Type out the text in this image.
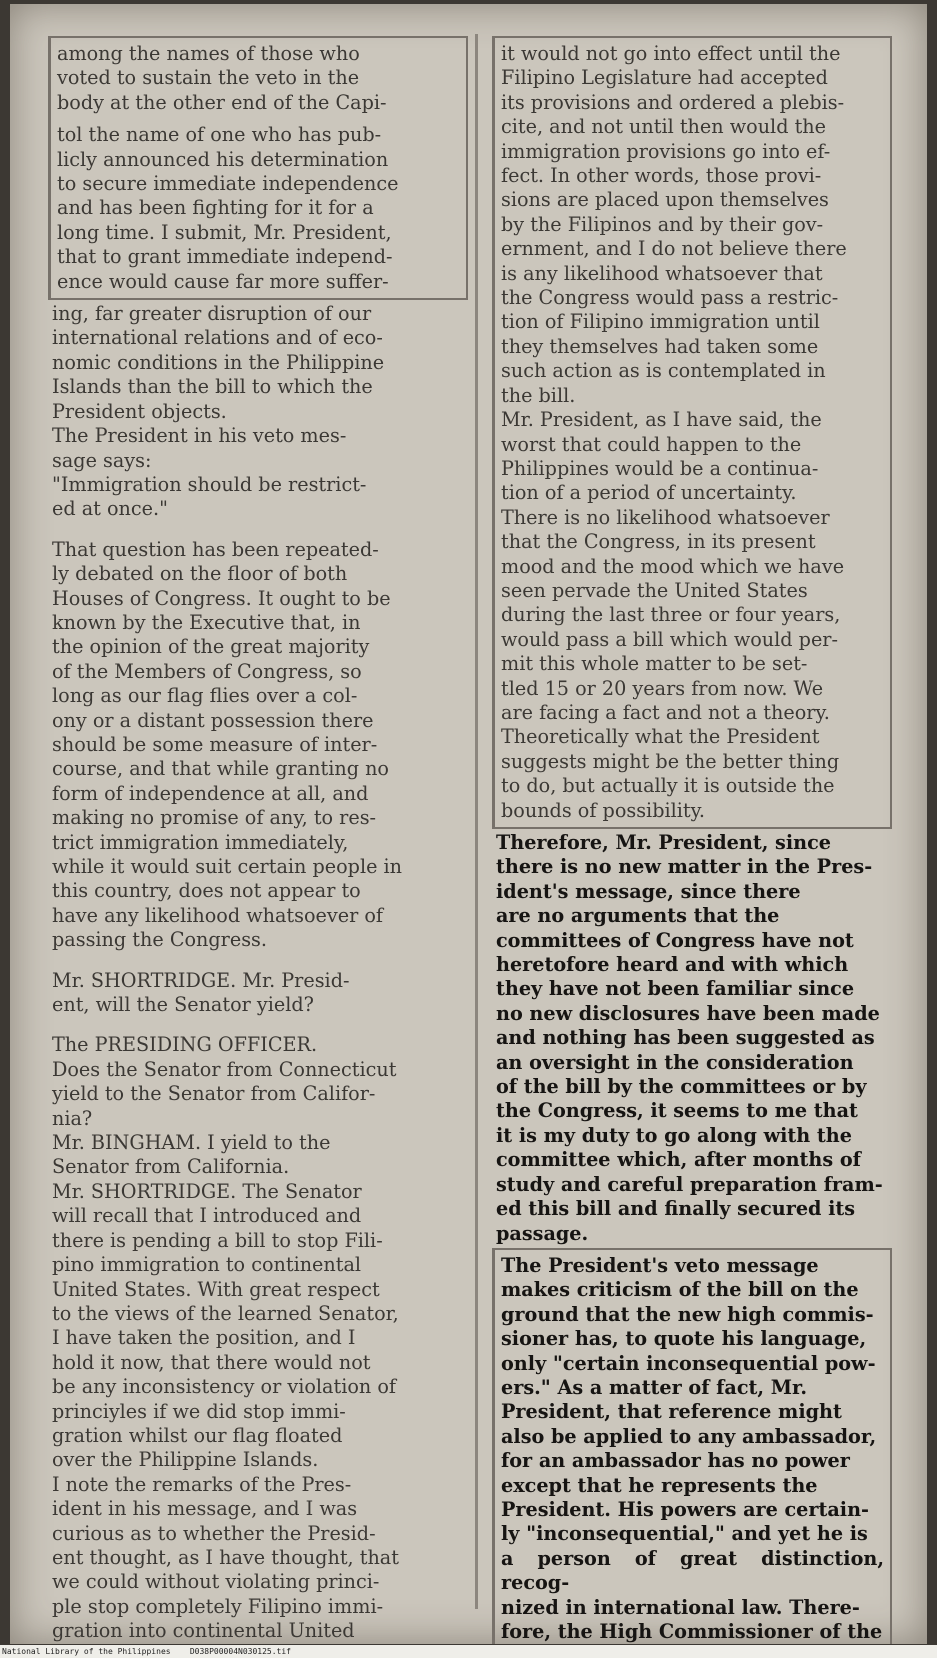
among the names of those who
voted to sustain the veto in the
body at the other end of the Capi-

tol the name of one who has pub-
licly announced his determination
to secure immediate independence
and has been fighting for it for a
long time. I submit, Mr. President,
that to grant immediate independ-
ence would cause far more suffer-

ing, far greater disruption of our
international relations and of eco-
nomic conditions in the Philippine
Islands than the bill to which the
President objects.
The President in his veto mes-
sage says:
"Immigration should be restrict-
ed at once."

That question has been repeated-
ly debated on the floor of both
Houses of Congress. It ought to be
known by the Executive that, in
the opinion of the great majority
of the Members of Congress, so
long as our flag flies over a col-
ony or a distant possession there
should be some measure of inter-
course, and that while granting no
form of independence at all, and
making no promise of any, to res-
trict immigration immediately,
while it would suit certain people in
this country, does not appear to
have any likelihood whatsoever of
passing the Congress.

Mr. SHORTRIDGE. Mr. Presid-
ent, will the Senator yield?

The PRESIDING OFFICER.
Does the Senator from Connecticut
yield to the Senator from Califor-
nia?
Mr. BINGHAM. I yield to the
Senator from California.
Mr. SHORTRIDGE. The Senator
will recall that I introduced and
there is pending a bill to stop Fili-
pino immigration to continental
United States. With great respect
to the views of the learned Senator,
I have taken the position, and I
hold it now, that there would not
be any inconsistency or violation of
princiyles if we did stop immi-
gration whilst our flag floated
over the Philippine Islands.
I note the remarks of the Pres-
ident in his message, and I was
curious as to whether the Presid-
ent thought, as I have thought, that
we could without violating princi-
ple stop completely Filipino immi-
gration into continental United

it would not go into effect until the
Filipino Legislature had accepted
its provisions and ordered a plebis-
cite, and not until then would the
immigration provisions go into ef-
fect. In other words, those provi-
sions are placed upon themselves
by the Filipinos and by their gov-
ernment, and I do not believe there
is any likelihood whatsoever that
the Congress would pass a restric-
tion of Filipino immigration until
they themselves had taken some
such action as is contemplated in
the bill.
Mr. President, as I have said, the
worst that could happen to the
Philippines would be a continua-
tion of a period of uncertainty.
There is no likelihood whatsoever
that the Congress, in its present
mood and the mood which we have
seen pervade the United States
during the last three or four years,
would pass a bill which would per-
mit this whole matter to be set-
tled 15 or 20 years from now. We
are facing a fact and not a theory.
Theoretically what the President
suggests might be the better thing
to do, but actually it is outside the
bounds of possibility.

Therefore, Mr. President, since
there is no new matter in the Pres-
ident's message, since there
are no arguments that the
committees of Congress have not
heretofore heard and with which
they have not been familiar since
no new disclosures have been made
and nothing has been suggested as
an oversight in the consideration
of the bill by the committees or by
the Congress, it seems to me that
it is my duty to go along with the
committee which, after months of
study and careful preparation fram-
ed this bill and finally secured its
passage.

The President's veto message
makes criticism of the bill on the
ground that the new high commis-
sioner has, to quote his language,
only "certain inconsequential pow-
ers." As a matter of fact, Mr.
President, that reference might
also be applied to any ambassador,
for an ambassador has no power
except that he represents the
President. His powers are certain-
ly "inconsequential," and yet he is
a person of great distinction, recog-
nized in international law. There-
fore, the High Commissioner of the

National Library of the Philippines D038P00004N030125.tif
